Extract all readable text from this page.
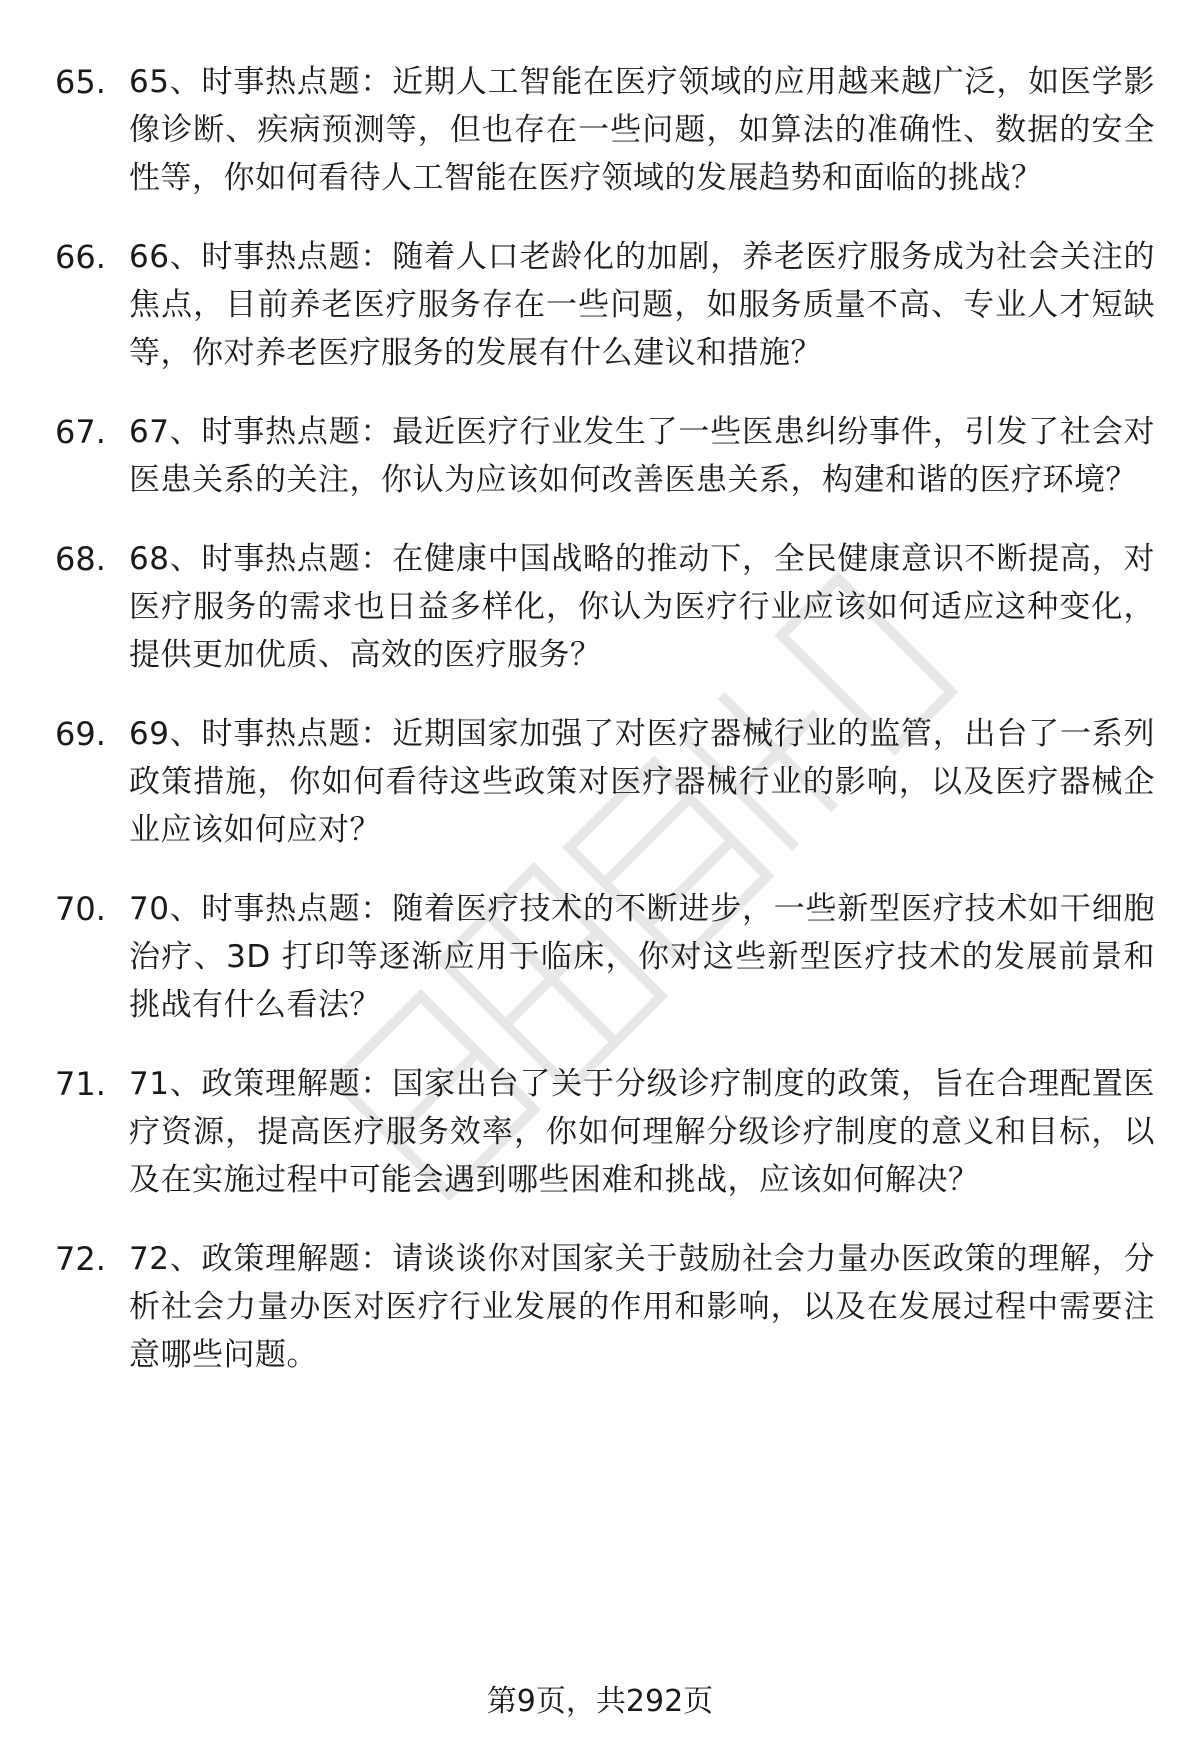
65. 65、时事热点题：近期人工智能在医疗领域的应用越来越广泛，如医学影像诊断、疾病预测等，但也存在一些问题，如算法的准确性、数据的安全性等，你如何看待人工智能在医疗领域的发展趋势和面临的挑战？
66. 66、时事热点题：随着人口老龄化的加剧，养老医疗服务成为社会关注的焦点，目前养老医疗服务存在一些问题，如服务质量不高、专业人才短缺等，你对养老医疗服务的发展有什么建议和措施？
67. 67、时事热点题：最近医疗行业发生了一些医患纠纷事件，引发了社会对医患关系的关注，你认为应该如何改善医患关系，构建和谐的医疗环境？
68. 68、时事热点题：在健康中国战略的推动下，全民健康意识不断提高，对医疗服务的需求也日益多样化，你认为医疗行业应该如何适应这种变化，提供更加优质、高效的医疗服务？
69. 69、时事热点题：近期国家加强了对医疗器械行业的监管，出台了一系列政策措施，你如何看待这些政策对医疗器械行业的影响，以及医疗器械企业应该如何应对？
70. 70、时事热点题：随着医疗技术的不断进步，一些新型医疗技术如干细胞治疗、3D 打印等逐渐应用于临床，你对这些新型医疗技术的发展前景和挑战有什么看法？
71. 71、政策理解题：国家出台了关于分级诊疗制度的政策，旨在合理配置医疗资源，提高医疗服务效率，你如何理解分级诊疗制度的意义和目标，以及在实施过程中可能会遇到哪些困难和挑战，应该如何解决？
72. 72、政策理解题：请谈谈你对国家关于鼓励社会力量办医政策的理解，分析社会力量办医对医疗行业发展的作用和影响，以及在发展过程中需要注意哪些问题。
第9页，共292页
